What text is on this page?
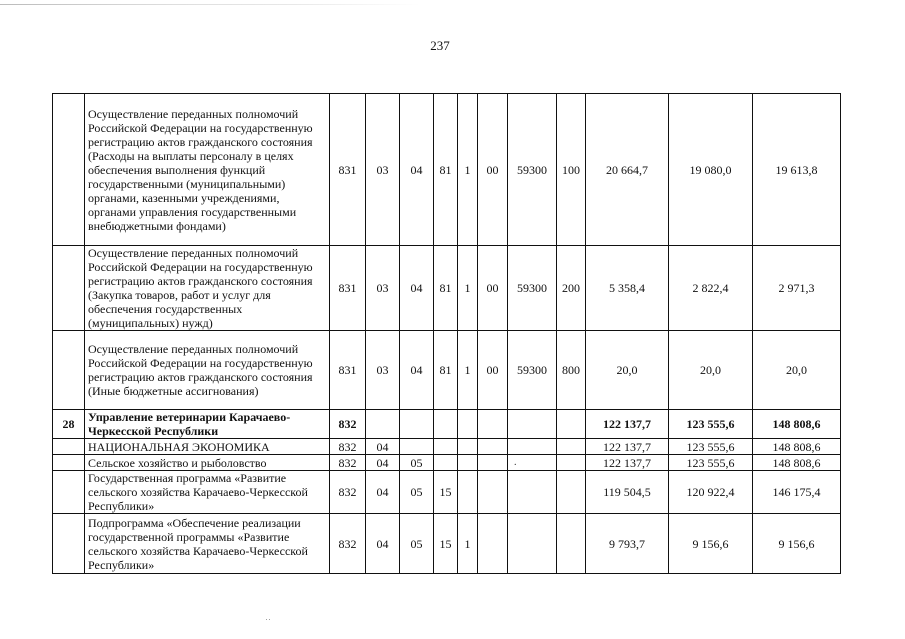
237
	Осуществление переданных полномочий Российской Федерации на государственную регистрацию актов гражданского состояния (Расходы на выплаты персоналу в целях обеспечения выполнения функций государственными (муниципальными) органами, казенными учреждениями, органами управления государственными внебюджетными фондами)	831	03	04	81	1	00	59300	100	20 664,7	19 080,0	19 613,8
	Осуществление переданных полномочий Российской Федерации на государственную регистрацию актов гражданского состояния (Закупка товаров, работ и услуг для обеспечения государственных (муниципальных) нужд)	831	03	04	81	1	00	59300	200	5 358,4	2 822,4	2 971,3
	Осуществление переданных полномочий Российской Федерации на государственную регистрацию актов гражданского состояния (Иные бюджетные ассигнования)	831	03	04	81	1	00	59300	800	20,0	20,0	20,0
28	Управление ветеринарии Карачаево-Черкесской Республики	832								122 137,7	123 555,6	148 808,6
	НАЦИОНАЛЬНАЯ ЭКОНОМИКА	832	04							122 137,7	123 555,6	148 808,6
	Сельское хозяйство и рыболовство	832	04	05						122 137,7	123 555,6	148 808,6
	Государственная программа «Развитие сельского хозяйства Карачаево-Черкесской Республики»	832	04	05	15					119 504,5	120 922,4	146 175,4
	Подпрограмма «Обеспечение реализации государственной программы «Развитие сельского хозяйства Карачаево-Черкесской Республики»	832	04	05	15	1				9 793,7	9 156,6	9 156,6
.
‥
